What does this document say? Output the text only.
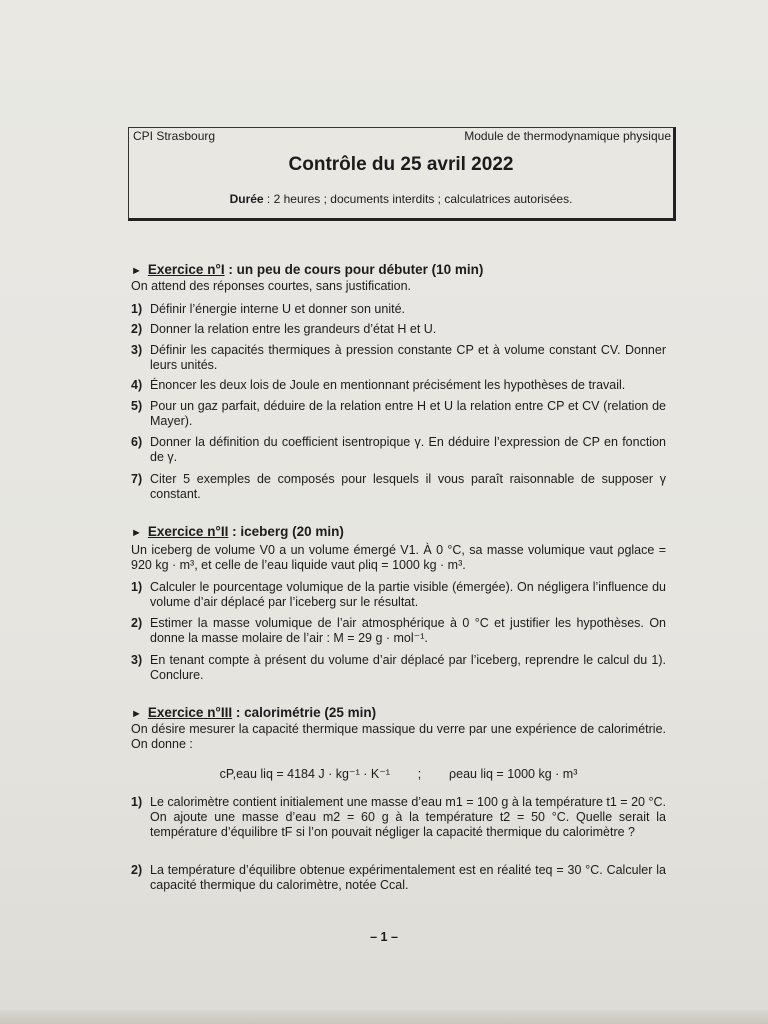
CPI Strasbourg	Module de thermodynamique physique
Contrôle du 25 avril 2022
Durée : 2 heures ; documents interdits ; calculatrices autorisées.
► Exercice n°I : un peu de cours pour débuter (10 min)
On attend des réponses courtes, sans justification.
1) Définir l’énergie interne U et donner son unité.
2) Donner la relation entre les grandeurs d’état H et U.
3) Définir les capacités thermiques à pression constante CP et à volume constant CV. Donner leurs unités.
4) Énoncer les deux lois de Joule en mentionnant précisément les hypothèses de travail.
5) Pour un gaz parfait, déduire de la relation entre H et U la relation entre CP et CV (relation de Mayer).
6) Donner la définition du coefficient isentropique γ. En déduire l’expression de CP en fonction de γ.
7) Citer 5 exemples de composés pour lesquels il vous paraît raisonnable de supposer γ constant.
► Exercice n°II : iceberg (20 min)
Un iceberg de volume V0 a un volume émergé V1. À 0 °C, sa masse volumique vaut ρglace = 920 kg · m³, et celle de l’eau liquide vaut ρliq = 1000 kg · m³.
1) Calculer le pourcentage volumique de la partie visible (émergée). On négligera l’influence du volume d’air déplacé par l’iceberg sur le résultat.
2) Estimer la masse volumique de l’air atmosphérique à 0 °C et justifier les hypothèses. On donne la masse molaire de l’air : M = 29 g · mol⁻¹.
3) En tenant compte à présent du volume d’air déplacé par l’iceberg, reprendre le calcul du 1). Conclure.
► Exercice n°III : calorimétrie (25 min)
On désire mesurer la capacité thermique massique du verre par une expérience de calorimétrie. On donne :
cP,eau liq = 4184 J · kg⁻¹ · K⁻¹        ;        ρeau liq = 1000 kg · m³
1) Le calorimètre contient initialement une masse d’eau m1 = 100 g à la température t1 = 20 °C. On ajoute une masse d’eau m2 = 60 g à la température t2 = 50 °C. Quelle serait la température d’équilibre tF si l’on pouvait négliger la capacité thermique du calorimètre ?
2) La température d’équilibre obtenue expérimentalement est en réalité teq = 30 °C. Calculer la capacité thermique du calorimètre, notée Ccal.
– 1 –
